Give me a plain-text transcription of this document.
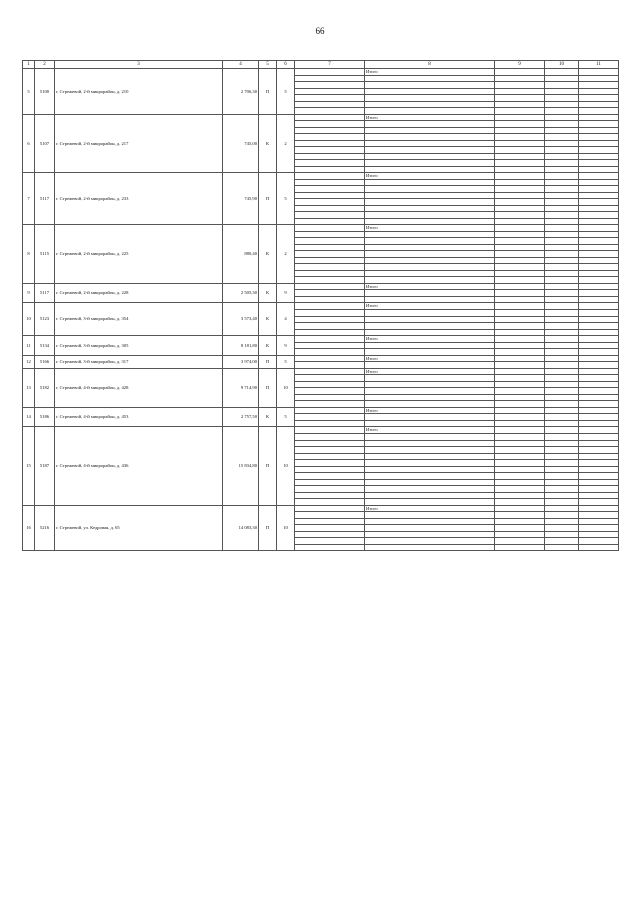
66
1	2	3	4	5	6	7	8	9	10	11
5	5100	г. Стрежевой, 2-й микрорайон, д. 210	2 706,30	П	5		Итого			

6	5107	г. Стрежевой, 2-й микрорайон, д. 217	745,00	К	2		Итого			

7	5117	г. Стрежевой, 2-й микрорайон, д. 233	745,90	П	5		Итого			

8	5115	г. Стрежевой, 2-й микрорайон, д. 225	880,40	К	2		Итого			

9	5117	г. Стрежевой, 2-й микрорайон, д. 228	2 505,30	К	9		Итого			

10	5123	г. Стрежевой, 3-й микрорайон, д. 354	3 573,40	К	4		Итого			

11	5134	г. Стрежевой, 3-й микрорайон, д. 305	8 181,80	К	9		Итого			

12	5166	г. Стрежевой, 3-й микрорайон, д. 317	3 974,00	П	5		Итого			

13	5182	г. Стрежевой, 4-й микрорайон, д. 428	9 714,90	П	10		Итого			

14	5186	г. Стрежевой, 4-й микрорайон, д. 453	2 757,50	К	5		Итого			

15	5187	г. Стрежевой, 4-й микрорайон, д. 436	15 834,80	П	10		Итого			

16	5216	г. Стрежевой, ул. Кедровая, д. 65	14 083,30	П	10		Итого			
